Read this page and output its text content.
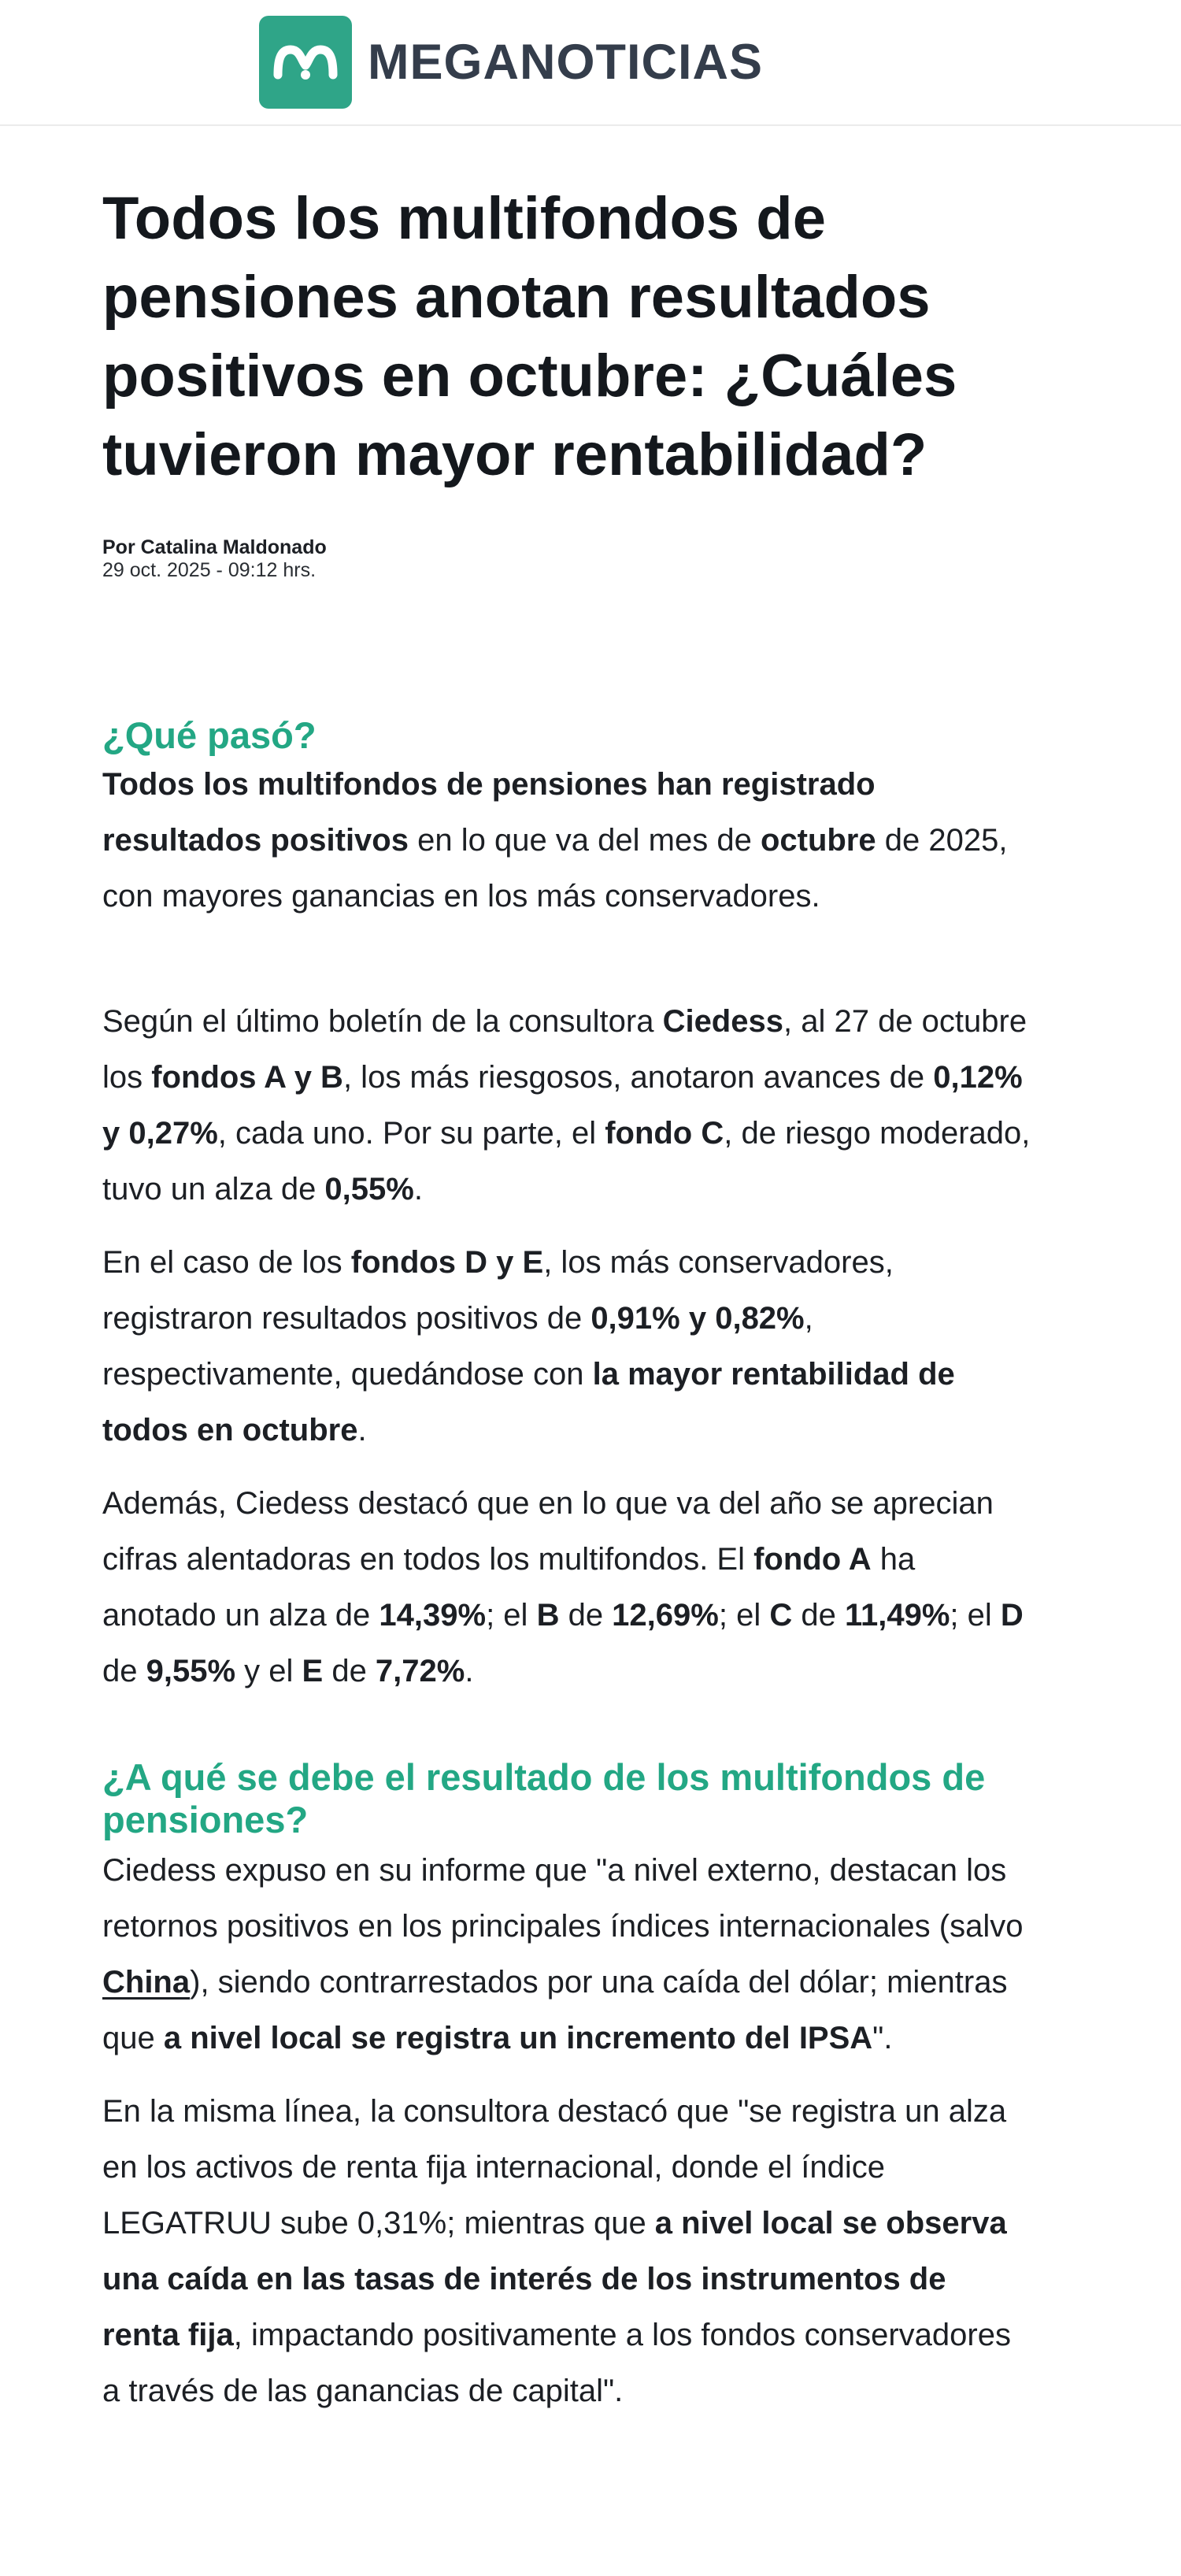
MEGANOTICIAS
Todos los multifondos de pensiones anotan resultados positivos en octubre: ¿Cuáles tuvieron mayor rentabilidad?
Por Catalina Maldonado
29 oct. 2025 - 09:12 hrs.
¿Qué pasó?

Todos los multifondos de pensiones han registrado resultados positivos en lo que va del mes de octubre de 2025, con mayores ganancias en los más conservadores.

Según el último boletín de la consultora Ciedess, al 27 de octubre los fondos A y B, los más riesgosos, anotaron avances de 0,12% y 0,27%, cada uno. Por su parte, el fondo C, de riesgo moderado, tuvo un alza de 0,55%.

En el caso de los fondos D y E, los más conservadores, registraron resultados positivos de 0,91% y 0,82%, respectivamente, quedándose con la mayor rentabilidad de todos en octubre.

Además, Ciedess destacó que en lo que va del año se aprecian cifras alentadoras en todos los multifondos. El fondo A ha anotado un alza de 14,39%; el B de 12,69%; el C de 11,49%; el D de 9,55% y el E de 7,72%.

¿A qué se debe el resultado de los multifondos de pensiones?

Ciedess expuso en su informe que "a nivel externo, destacan los retornos positivos en los principales índices internacionales (salvo China), siendo contrarrestados por una caída del dólar; mientras que a nivel local se registra un incremento del IPSA".

En la misma línea, la consultora destacó que "se registra un alza en los activos de renta fija internacional, donde el índice LEGATRUU sube 0,31%; mientras que a nivel local se observa una caída en las tasas de interés de los instrumentos de renta fija, impactando positivamente a los fondos conservadores a través de las ganancias de capital".
